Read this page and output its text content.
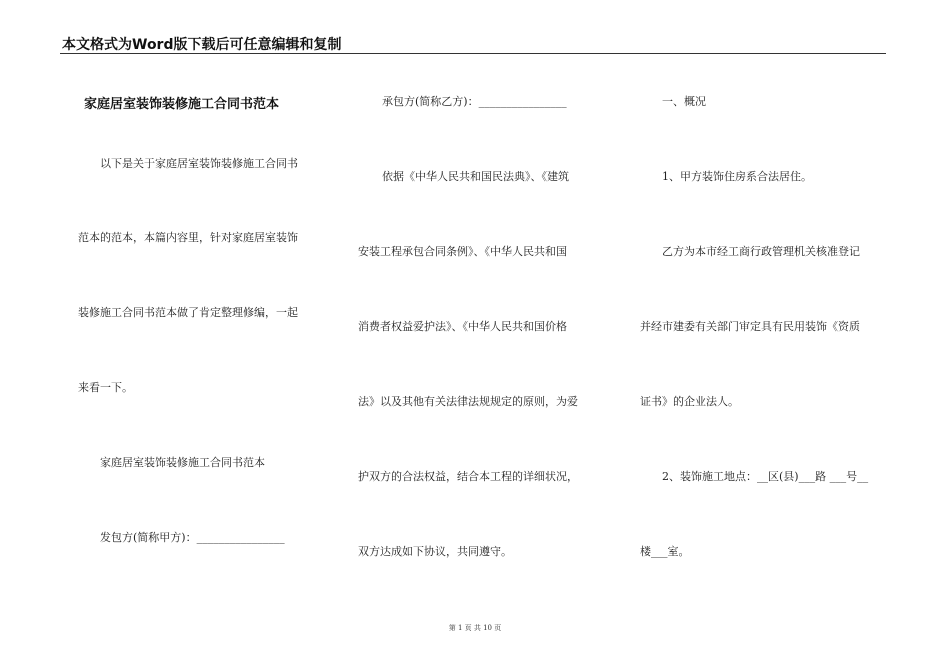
本文格式为Word版下载后可任意编辑和复制
家庭居室装饰装修施工合同书范本
以下是关于家庭居室装饰装修施工合同书
范本的范本，本篇内容里，针对家庭居室装饰
装修施工合同书范本做了肯定整理修编，一起
来看一下。
家庭居室装饰装修施工合同书范本
发包方(简称甲方)：________________
承包方(简称乙方)：________________
依据《中华人民共和国民法典》、《建筑
安装工程承包合同条例》、《中华人民共和国
消费者权益爱护法》、《中华人民共和国价格
法》以及其他有关法律法规规定的原则，为爱
护双方的合法权益，结合本工程的详细状况，
双方达成如下协议，共同遵守。
一、概况
1、甲方装饰住房系合法居住。
乙方为本市经工商行政管理机关核准登记
并经市建委有关部门审定具有民用装饰《资质
证书》的企业法人。
2、装饰施工地点：__区(县)___路 ___号__
楼___室。
第 1 页 共 10 页
